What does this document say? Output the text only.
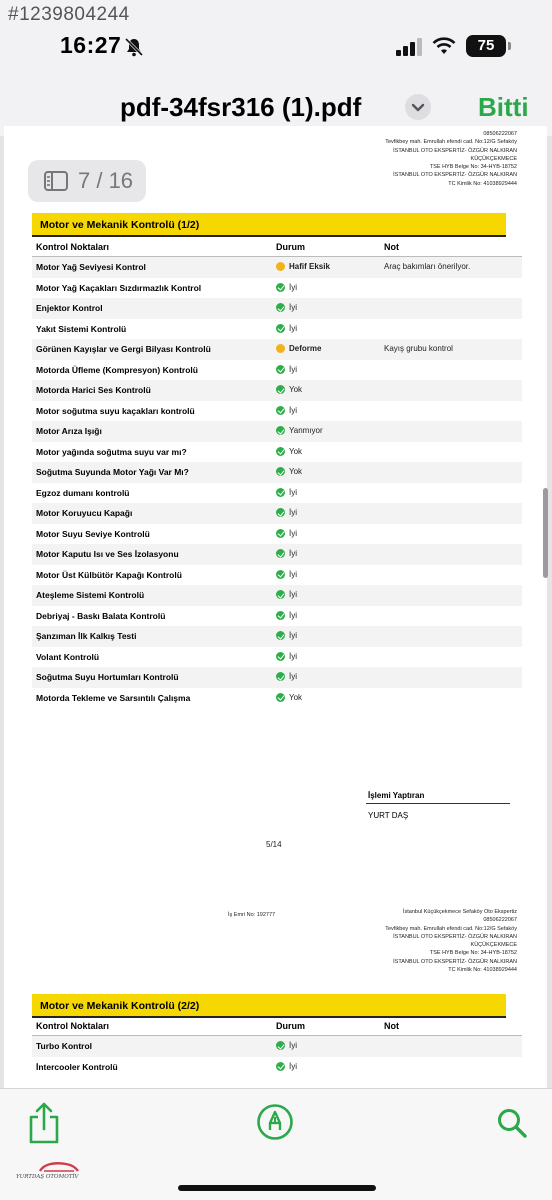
#1239804244
16:27	75
pdf-34fsr316 (1).pdf	Bitti
08506222067
Tevfikbey mah. Emrullah efendi cad. No:12/G Sefaköy
İSTANBUL OTO EKSPERTİZ- ÖZGÜR NALKIRAN
KÜÇÜKÇEKMECE
TSE HYB Belge No: 34-HYB-18752
İSTANBUL OTO EKSPERTİZ- ÖZGÜR NALKIRAN
TC Kimlik No: 41038929444
Motor ve Mekanik Kontrolü (1/2)
Kontrol Noktaları	Durum	Not
Motor Yağ Seviyesi Kontrol	Hafif Eksik	Araç bakımları önerilyor.
Motor Yağ Kaçakları Sızdırmazlık Kontrol	İyi
Enjektor Kontrol	İyi
Yakıt Sistemi Kontrolü	İyi
Görünen Kayışlar ve Gergi Bilyası Kontrolü	Deforme	Kayış grubu kontrol
Motorda Üfleme (Kompresyon) Kontrolü	İyi
Motorda Harici Ses Kontrolü	Yok
Motor soğutma suyu kaçakları kontrolü	İyi
Motor Arıza Işığı	Yanmıyor
Motor yağında soğutma suyu var mı?	Yok
Soğutma Suyunda Motor Yağı Var Mı?	Yok
Egzoz dumanı kontrolü	İyi
Motor Koruyucu Kapağı	İyi
Motor Suyu Seviye Kontrolü	İyi
Motor Kaputu Isı ve Ses İzolasyonu	İyi
Motor Üst Külbütör Kapağı Kontrolü	İyi
Ateşleme Sistemi Kontrolü	İyi
Debriyaj - Baskı Balata Kontrolü	İyi
Şanzıman İlk Kalkış Testi	İyi
Volant Kontrolü	İyi
Soğutma Suyu Hortumları Kontrolü	İyi
Motorda Tekleme ve Sarsıntılı Çalışma	Yok
İşlemi Yaptıran
YURT DAŞ
5/14
İş Emri No: 192777	İstanbul Küçükçekmece Sefaköy Oto Ekspertiz
08506222067
Tevfikbey mah. Emrullah efendi cad. No:12/G Sefaköy
İSTANBUL OTO EKSPERTİZ- ÖZGÜR NALKIRAN
KÜÇÜKÇEKMECE
TSE HYB Belge No: 34-HYB-18752
İSTANBUL OTO EKSPERTİZ- ÖZGÜR NALKIRAN
TC Kimlik No: 41038929444
Motor ve Mekanik Kontrolü (2/2)
Kontrol Noktaları	Durum	Not
Turbo Kontrol	İyi
İntercooler Kontrolü	İyi
7 / 16
YURTDAŞ OTOMOTİV
